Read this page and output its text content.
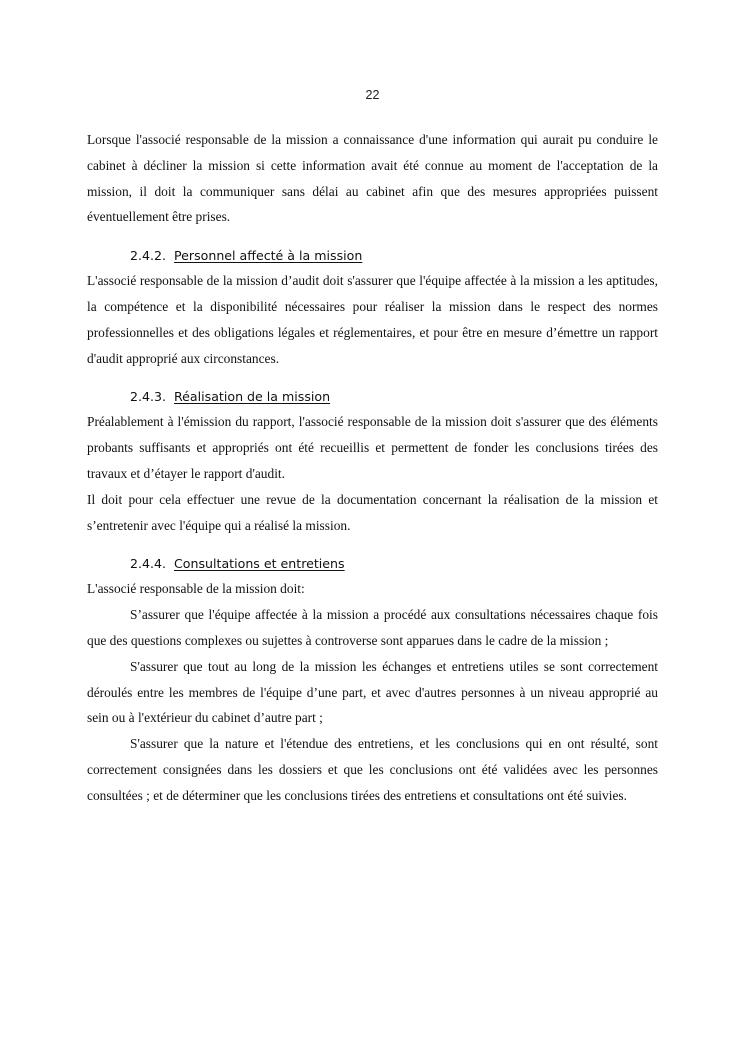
22

Lorsque l'associé responsable de la mission a connaissance d'une information qui aurait pu conduire le cabinet à décliner la mission si cette information avait été connue au moment de l'acceptation de la mission, il doit la communiquer sans délai au cabinet afin que des mesures appropriées puissent éventuellement être prises.

2.4.2. Personnel affecté à la mission

L'associé responsable de la mission d’audit doit s'assurer que l'équipe affectée à la mission a les aptitudes, la compétence et la disponibilité nécessaires pour réaliser la mission dans le respect des normes professionnelles et des obligations légales et réglementaires, et pour être en mesure d’émettre un rapport d'audit approprié aux circonstances.

2.4.3. Réalisation de la mission

Préalablement à l'émission du rapport, l'associé responsable de la mission doit s'assurer que des éléments probants suffisants et appropriés ont été recueillis et permettent de fonder les conclusions tirées des travaux et d’étayer le rapport d'audit.

Il doit pour cela effectuer une revue de la documentation concernant la réalisation de la mission et s’entretenir avec l'équipe qui a réalisé la mission.

2.4.4. Consultations et entretiens

L'associé responsable de la mission doit:

S’assurer que l'équipe affectée à la mission a procédé aux consultations nécessaires chaque fois que des questions complexes ou sujettes à controverse sont apparues dans le cadre de la mission ;

S'assurer que tout au long de la mission les échanges et entretiens utiles se sont correctement déroulés entre les membres de l'équipe d’une part, et avec d'autres personnes à un niveau approprié au sein ou à l'extérieur du cabinet d’autre part ;

S'assurer que la nature et l'étendue des entretiens, et les conclusions qui en ont résulté, sont correctement consignées dans les dossiers et que les conclusions ont été validées avec les personnes consultées ; et de déterminer que les conclusions tirées des entretiens et consultations ont été suivies.
